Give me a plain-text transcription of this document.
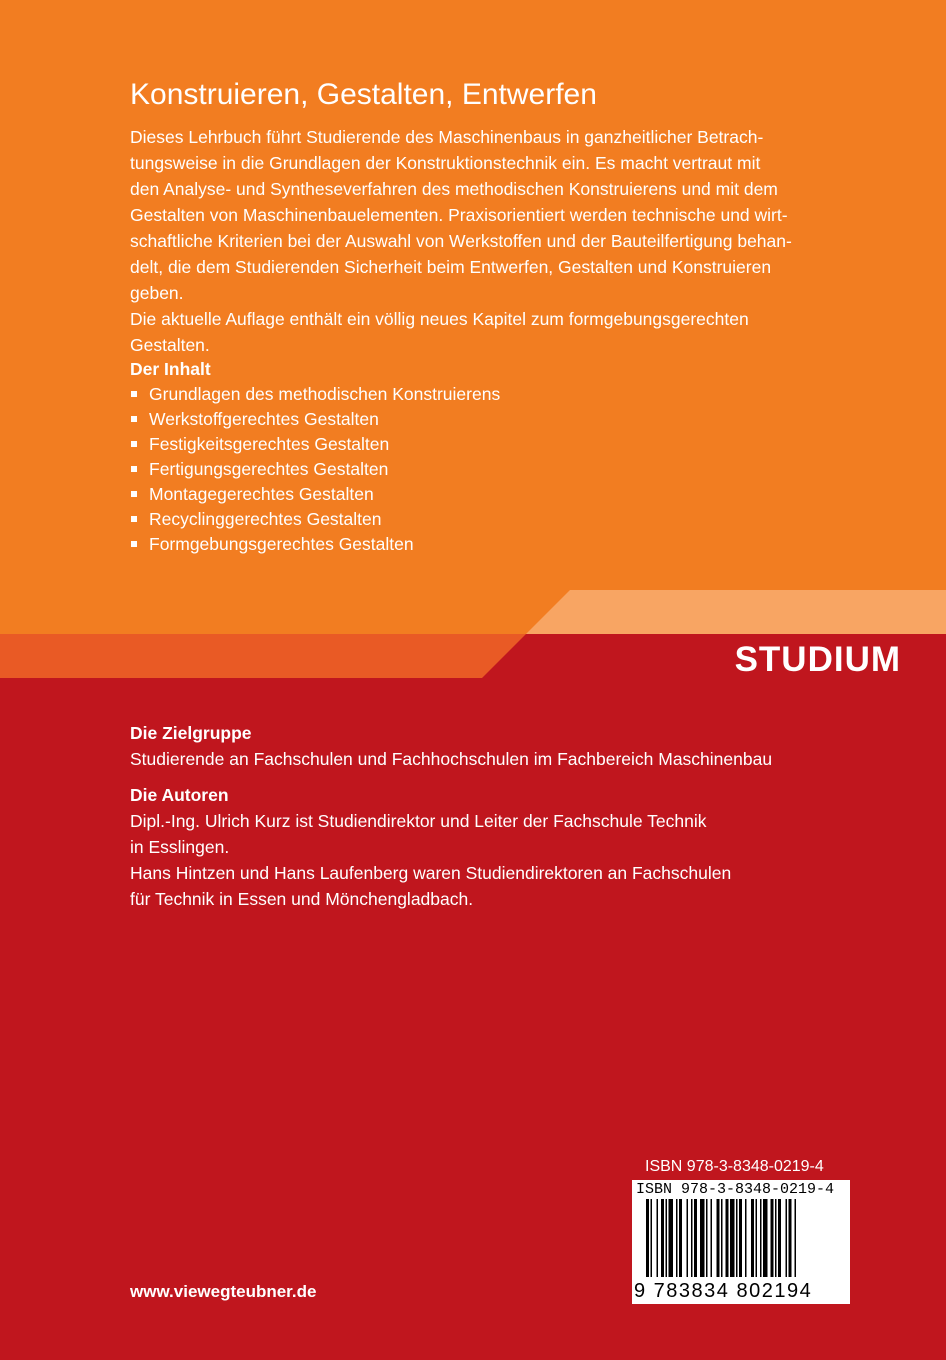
Konstruieren, Gestalten, Entwerfen

Dieses Lehrbuch führt Studierende des Maschinenbaus in ganzheitlicher Betrach-

tungsweise in die Grundlagen der Konstruktionstechnik ein. Es macht vertraut mit

den Analyse- und Syntheseverfahren des methodischen Konstruierens und mit dem

Gestalten von Maschinenbauelementen. Praxisorientiert werden technische und wirt-

schaftliche Kriterien bei der Auswahl von Werkstoffen und der Bauteilfertigung behan-

delt, die dem Studierenden Sicherheit beim Entwerfen, Gestalten und Konstruieren

geben.

Die aktuelle Auflage enthält ein völlig neues Kapitel zum formgebungsgerechten

Gestalten.

Der Inhalt
Grundlagen des methodischen Konstruierens
Werkstoffgerechtes Gestalten
Festigkeitsgerechtes Gestalten
Fertigungsgerechtes Gestalten
Montagegerechtes Gestalten
Recyclinggerechtes Gestalten
Formgebungsgerechtes Gestalten
STUDIUM
Die Zielgruppe
Studierende an Fachschulen und Fachhochschulen im Fachbereich Maschinenbau
Die Autoren
Dipl.-Ing. Ulrich Kurz ist Studiendirektor und Leiter der Fachschule Technik
in Esslingen.
Hans Hintzen und Hans Laufenberg waren Studiendirektoren an Fachschulen
für Technik in Essen und Mönchengladbach.
ISBN 978-3-8348-0219-4
ISBN 978-3-8348-0219-4
9 783834 802194
www.viewegteubner.de
